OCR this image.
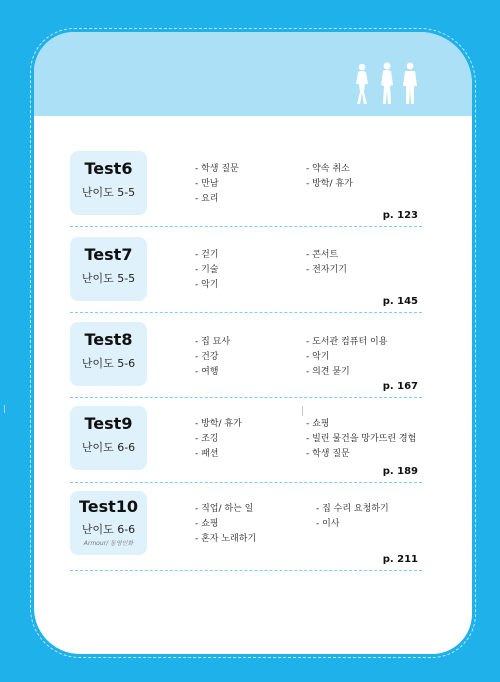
Test6
난이도 5-5
- 학생 질문
- 만남
- 요리
- 약속 취소
- 방학/ 휴가
p. 123
Test7
난이도 5-5
- 걷기
- 기술
- 악기
- 콘서트
- 전자기기
p. 145
Test8
난이도 5-6
- 집 묘사
- 건강
- 여행
- 도서관 컴퓨터 이용
- 악기
- 의견 묻기
p. 167
Test9
난이도 6-6
- 방학/ 휴가
- 조깅
- 패션
- 쇼핑
- 빌린 물건을 망가뜨린 경험
- 학생 질문
p. 189
Test10
난이도 6-6
Armour/ 동영인화
- 직업/ 하는 일
- 쇼핑
- 혼자 노래하기
- 집 수리 요청하기
- 이사
p. 211
